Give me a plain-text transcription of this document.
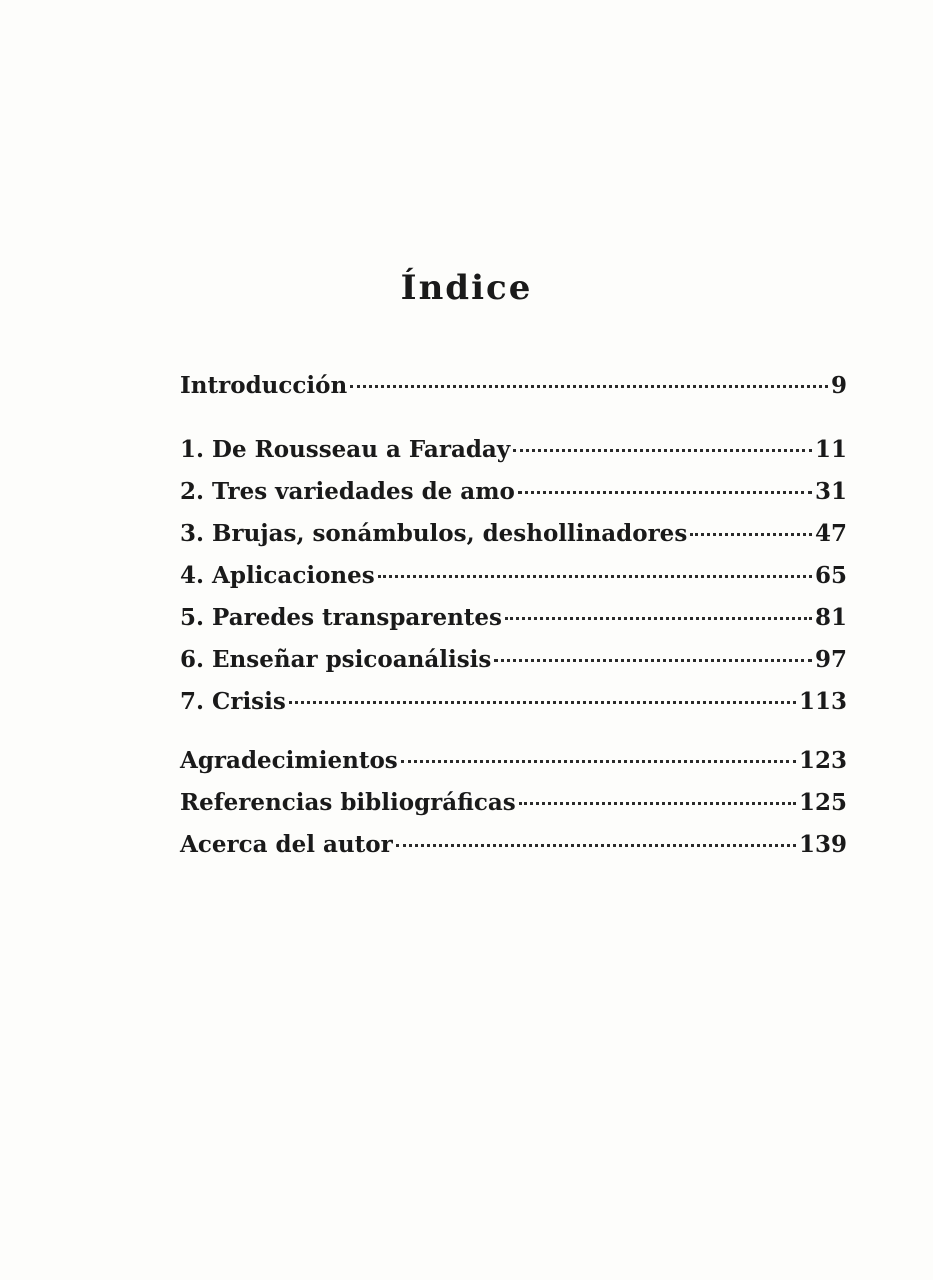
Índice
Introducción	9
1. De Rousseau a Faraday	11
2. Tres variedades de amo	31
3. Brujas, sonámbulos, deshollinadores	47
4. Aplicaciones	65
5. Paredes transparentes	81
6. Enseñar psicoanálisis	97
7. Crisis	113
Agradecimientos	123
Referencias bibliográficas	125
Acerca del autor	139
